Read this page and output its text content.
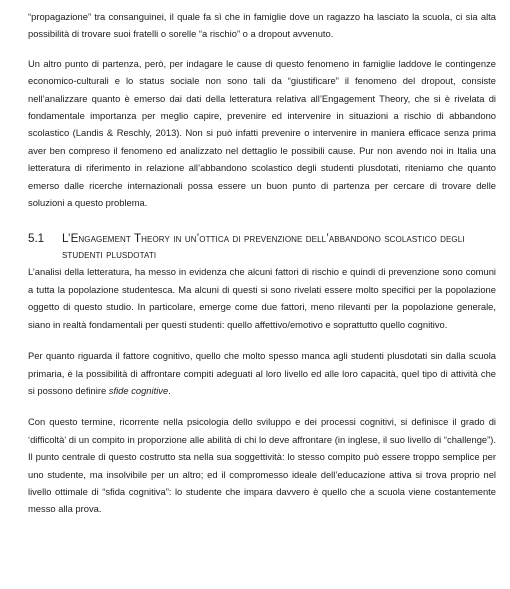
“propagazione” tra consanguinei, il quale fa sì che in famiglie dove un ragazzo ha lasciato la scuola, ci sia alta possibilità di trovare suoi fratelli o sorelle “a rischio” o a dropout avvenuto.

Un altro punto di partenza, però, per indagare le cause di questo fenomeno in famiglie laddove le contingenze economico-culturali e lo status sociale non sono tali da “giustificare” il fenomeno del dropout, consiste nell’analizzare quanto è emerso dai dati della letteratura relativa all’Engagement Theory, che si è rivelata di fondamentale importanza per meglio capire, prevenire ed intervenire in situazioni a rischio di abbandono scolastico (Landis & Reschly, 2013). Non si può infatti prevenire o intervenire in maniera efficace senza prima aver ben compreso il fenomeno ed analizzato nel dettaglio le possibili cause. Pur non avendo noi in Italia una letteratura di riferimento in relazione all’abbandono scolastico degli studenti plusdotati, riteniamo che quanto emerso dalle ricerche internazionali possa essere un buon punto di partenza per cercare di trovare delle soluzioni a questo problema.

5.1	L’Engagement Theory in un’ottica di prevenzione dell’abbandono scolastico degli studenti plusdotati

L’analisi della letteratura, ha messo in evidenza che alcuni fattori di rischio e quindi di prevenzione sono comuni a tutta la popolazione studentesca. Ma alcuni di questi si sono rivelati essere molto specifici per la popolazione oggetto di questo studio. In particolare, emerge come due fattori, meno rilevanti per la popolazione generale, siano in realtà fondamentali per questi studenti: quello affettivo/emotivo e soprattutto quello cognitivo.

Per quanto riguarda il fattore cognitivo, quello che molto spesso manca agli studenti plusdotati sin dalla scuola primaria, è la possibilità di affrontare compiti adeguati al loro livello ed alle loro capacità, quel tipo di attività che si possono definire sfide cognitive.

Con questo termine, ricorrente nella psicologia dello sviluppo e dei processi cognitivi, si definisce il grado di ‘difficoltà’ di un compito in proporzione alle abilità di chi lo deve affrontare (in inglese, il suo livello di “challenge”). Il punto centrale di questo costrutto sta nella sua soggettività: lo stesso compito può essere troppo semplice per uno studente, ma insolvibile per un altro; ed il compromesso ideale dell’educazione attiva si trova proprio nel livello ottimale di “sfida cognitiva”: lo studente che impara davvero è quello che a scuola viene costantemente messo alla prova.
